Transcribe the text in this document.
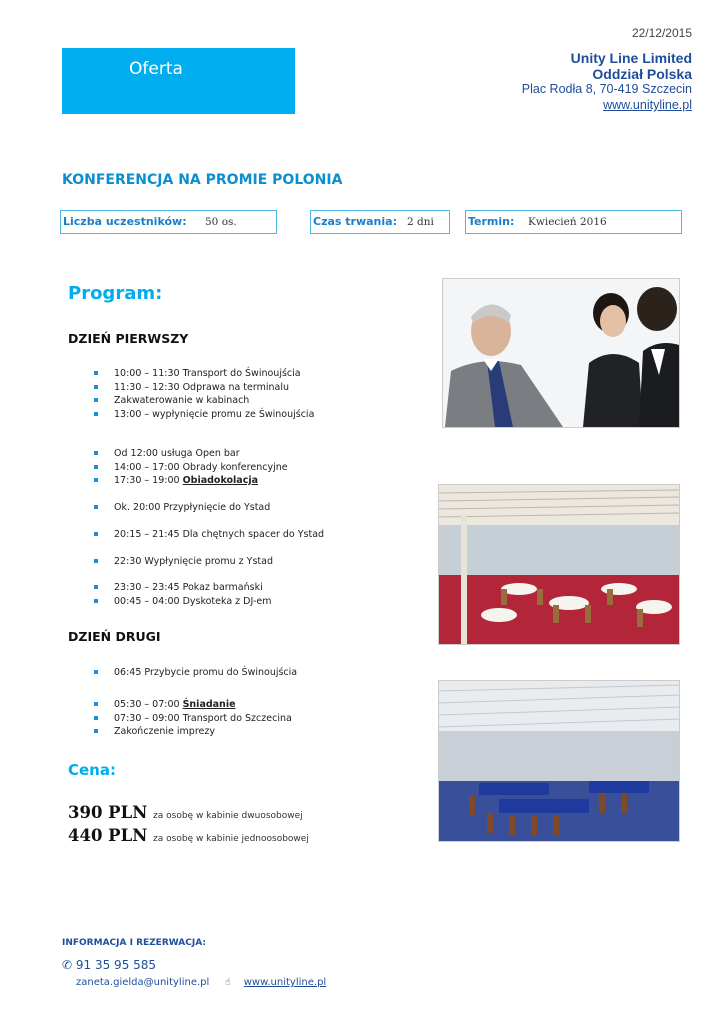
22/12/2015
Oferta
Unity Line Limited
Oddział Polska
Plac Rodła 8, 70-419 Szczecin
www.unityline.pl
KONFERENCJA NA PROMIE POLONIA
Liczba uczestników: 50 os.	Czas trwania: 2 dni	Termin: Kwiecień 2016
Program:
DZIEŃ PIERWSZY
10:00 – 11:30 Transport do Świnoujścia
11:30 – 12:30 Odprawa na terminalu
Zakwaterowanie w kabinach
13:00 – wypłynięcie promu ze Świnoujścia
Od 12:00 usługa Open bar
14:00 – 17:00 Obrady konferencyjne
17:30 – 19:00 Obiadokolacja
Ok. 20:00 Przypłynięcie do Ystad
20:15 – 21:45 Dla chętnych spacer do Ystad
22:30 Wypłynięcie promu z Ystad
23:30 – 23:45 Pokaz barmański
00:45 – 04:00 Dyskoteka z DJ-em
DZIEŃ DRUGI
06:45 Przybycie promu do Świnoujścia
05:30 – 07:00 Śniadanie
07:30 – 09:00 Transport do Szczecina
Zakończenie imprezy
Cena:
390 PLN za osobę w kabinie dwuosobowej
440 PLN za osobę w kabinie jednoosobowej
INFORMACJA I REZERWACJA:
✆ 91 35 95 585
zaneta.gielda@unityline.pl ☝ www.unityline.pl
